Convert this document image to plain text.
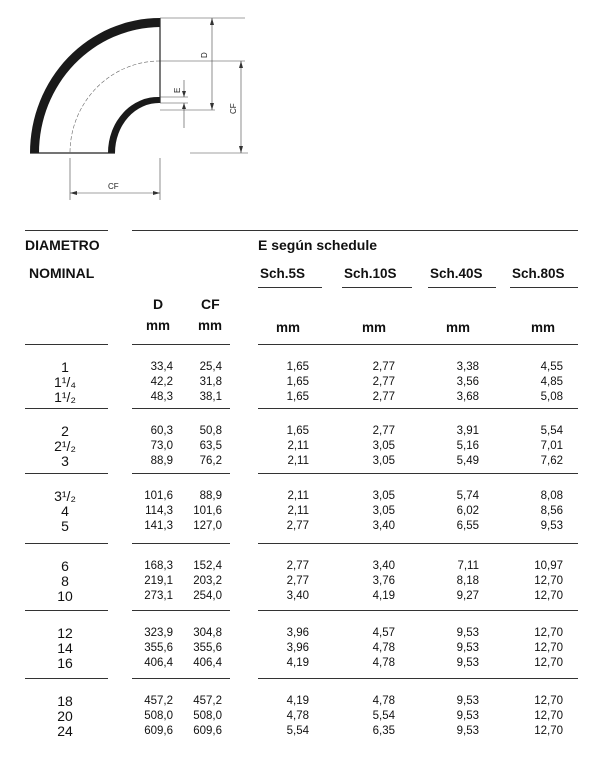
D
E
CF
CF
DIAMETRO
NOMINAL
E según schedule
Sch.5S	Sch.10S Sch.40S Sch.80S
D	CF
mm mm	mm	mm	mm	mm
1	33,4 25,4	1,65	2,77	3,38	4,55
1¹/₄	42,2 31,8	1,65	2,77	3,56	4,85
1¹/₂	48,3 38,1	1,65	2,77	3,68	5,08
2	60,3 50,8	1,65	2,77	3,91	5,54
2¹/₂	73,0 63,5	2,11	3,05	5,16	7,01
3	88,9 76,2	2,11	3,05	5,49	7,62
3¹/₂	101,6 88,9	2,11	3,05	5,74	8,08
4	114,3 101,6	2,11	3,05	6,02	8,56
5	141,3 127,0	2,77	3,40	6,55	9,53
6	168,3 152,4	2,77	3,40	7,11	10,97
8	219,1 203,2	2,77	3,76	8,18	12,70
10	273,1 254,0	3,40	4,19	9,27	12,70
12	323,9 304,8	3,96	4,57	9,53	12,70
14	355,6 355,6	3,96	4,78	9,53	12,70
16	406,4 406,4	4,19	4,78	9,53	12,70
18	457,2 457,2	4,19	4,78	9,53	12,70
20	508,0 508,0	4,78	5,54	9,53	12,70
24	609,6 609,6	5,54	6,35	9,53	12,70
